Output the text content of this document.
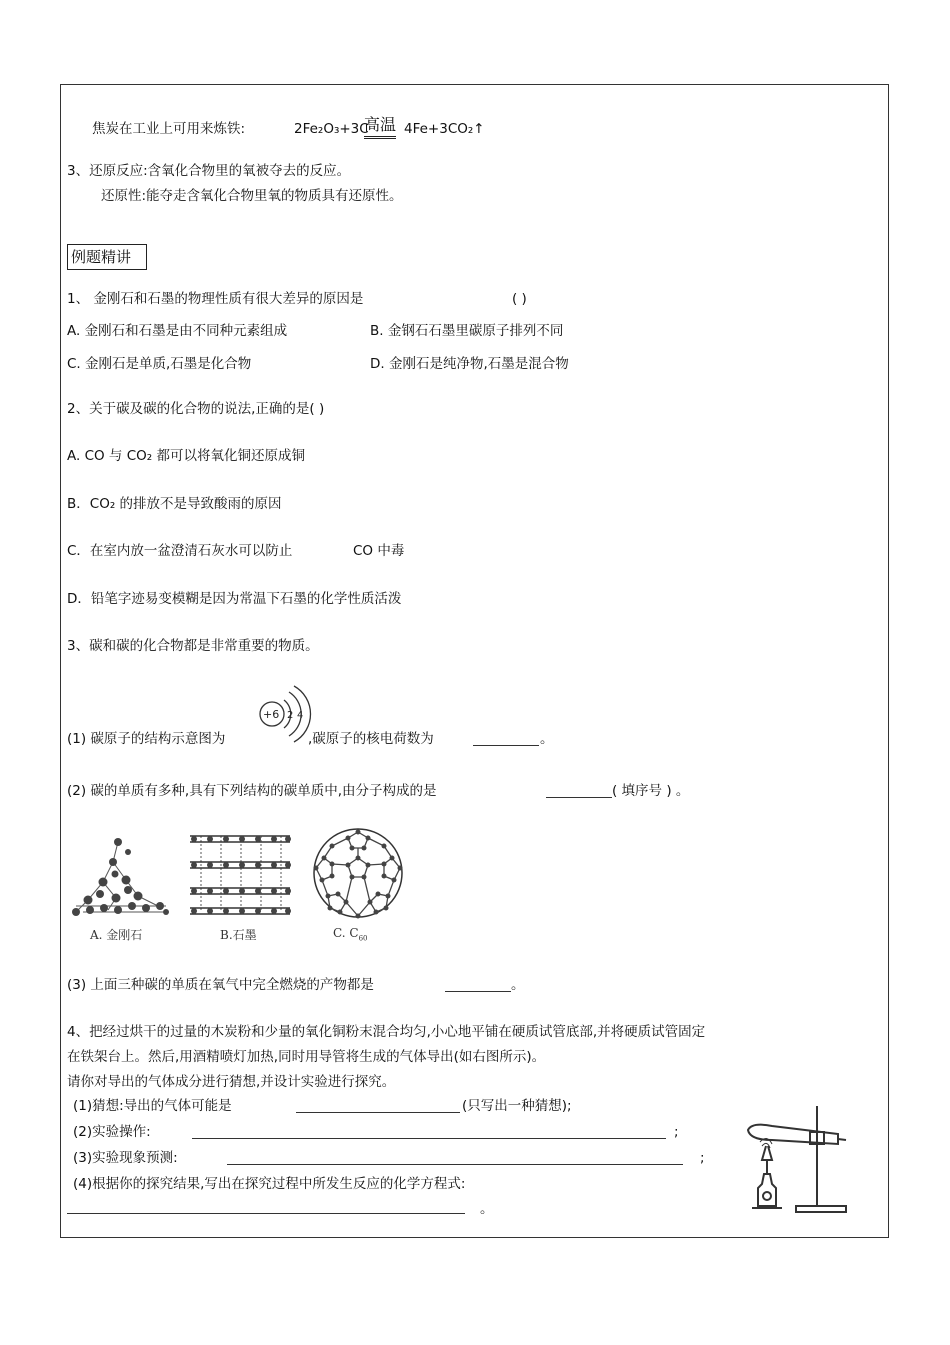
焦炭在工业上可用来炼铁:	2Fe₂O₃+3C
高温 4Fe+3CO₂↑
3、还原反应:含氧化合物里的氧被夺去的反应。
还原性:能夺走含氧化合物里氧的物质具有还原性。
例题精讲
1、 金刚石和石墨的物理性质有很大差异的原因是	( )
A. 金刚石和石墨是由不同种元素组成	B. 金钢石石墨里碳原子排列不同
C. 金刚石是单质,石墨是化合物	D. 金刚石是纯净物,石墨是混合物
2、关于碳及碳的化合物的说法,正确的是( )
A. CO 与 CO₂ 都可以将氧化铜还原成铜
B．CO₂ 的排放不是导致酸雨的原因
C．在室内放一盆澄清石灰水可以防止	CO 中毒
D．铅笔字迹易变模糊是因为常温下石墨的化学性质活泼
3、碳和碳的化合物都是非常重要的物质。
(1) 碳原子的结构示意图为
+6 2 4
,碳原子的核电荷数为	。
(2) 碳的单质有多种,具有下列结构的碳单质中,由分子构成的是	( 填序号 ) 。
A. 金刚石	B.石墨	C. $C_{60}$
(3) 上面三种碳的单质在氧气中完全燃烧的产物都是	。
4、把经过烘干的过量的木炭粉和少量的氧化铜粉末混合均匀,小心地平铺在硬质试管底部,并将硬质试管固定
在铁架台上。然后,用酒精喷灯加热,同时用导管将生成的气体导出(如右图所示)。
请你对导出的气体成分进行猜想,并设计实验进行探究。
(1)猜想:导出的气体可能是	(只写出一种猜想);
(2)实验操作:	;
(3)实验现象预测:	;
(4)根据你的探究结果,写出在探究过程中所发生反应的化学方程式:
。
